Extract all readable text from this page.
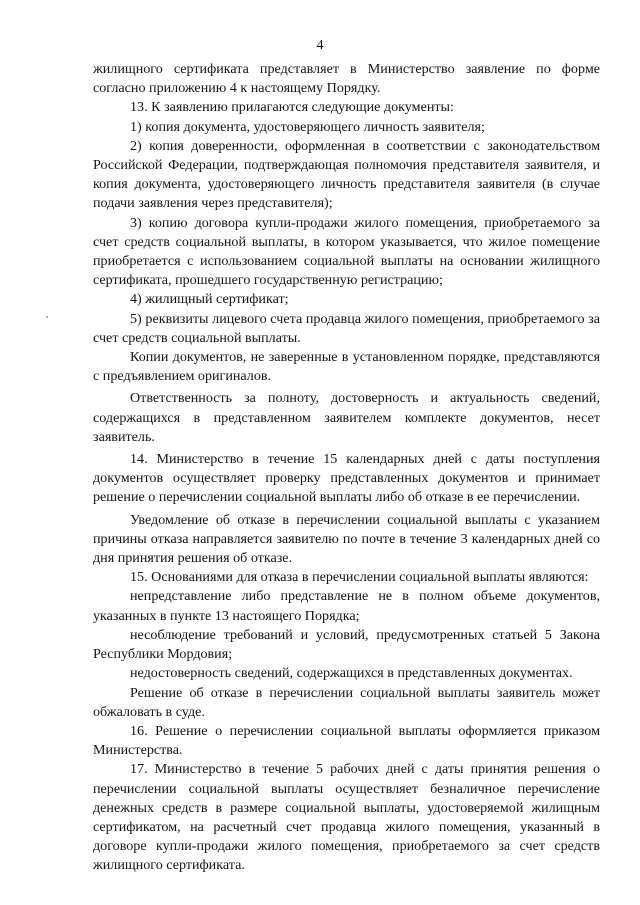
4

жилищного сертификата представляет в Министерство заявление по форме согласно приложению 4 к настоящему Порядку.

13. К заявлению прилагаются следующие документы:

1) копия документа, удостоверяющего личность заявителя;

2) копия доверенности, оформленная в соответствии с законодательством Российской Федерации, подтверждающая полномочия представителя заявителя, и копия документа, удостоверяющего личность представителя заявителя (в случае подачи заявления через представителя);

3) копию договора купли-продажи жилого помещения, приобретаемого за счет средств социальной выплаты, в котором указывается, что жилое помещение приобретается с использованием социальной выплаты на основании жилищного сертификата, прошедшего государственную регистрацию;

4) жилищный сертификат;

5) реквизиты лицевого счета продавца жилого помещения, приобретаемого за счет средств социальной выплаты.

Копии документов, не заверенные в установленном порядке, представляются с предъявлением оригиналов.

Ответственность за полноту, достоверность и актуальность сведений, содержащихся в представленном заявителем комплекте документов, несет заявитель.

14. Министерство в течение 15 календарных дней с даты поступления документов осуществляет проверку представленных документов и принимает решение о перечислении социальной выплаты либо об отказе в ее перечислении.

Уведомление об отказе в перечислении социальной выплаты с указанием причины отказа направляется заявителю по почте в течение 3 календарных дней со дня принятия решения об отказе.

15. Основаниями для отказа в перечислении социальной выплаты являются:

непредставление либо представление не в полном объеме документов, указанных в пункте 13 настоящего Порядка;

несоблюдение требований и условий, предусмотренных статьей 5 Закона Республики Мордовия;

недостоверность сведений, содержащихся в представленных документах.

Решение об отказе в перечислении социальной выплаты заявитель может обжаловать в суде.

16. Решение о перечислении социальной выплаты оформляется приказом Министерства.

17. Министерство в течение 5 рабочих дней с даты принятия решения о перечислении социальной выплаты осуществляет безналичное перечисление денежных средств в размере социальной выплаты, удостоверяемой жилищным сертификатом, на расчетный счет продавца жилого помещения, указанный в договоре купли-продажи жилого помещения, приобретаемого за счет средств жилищного сертификата.
